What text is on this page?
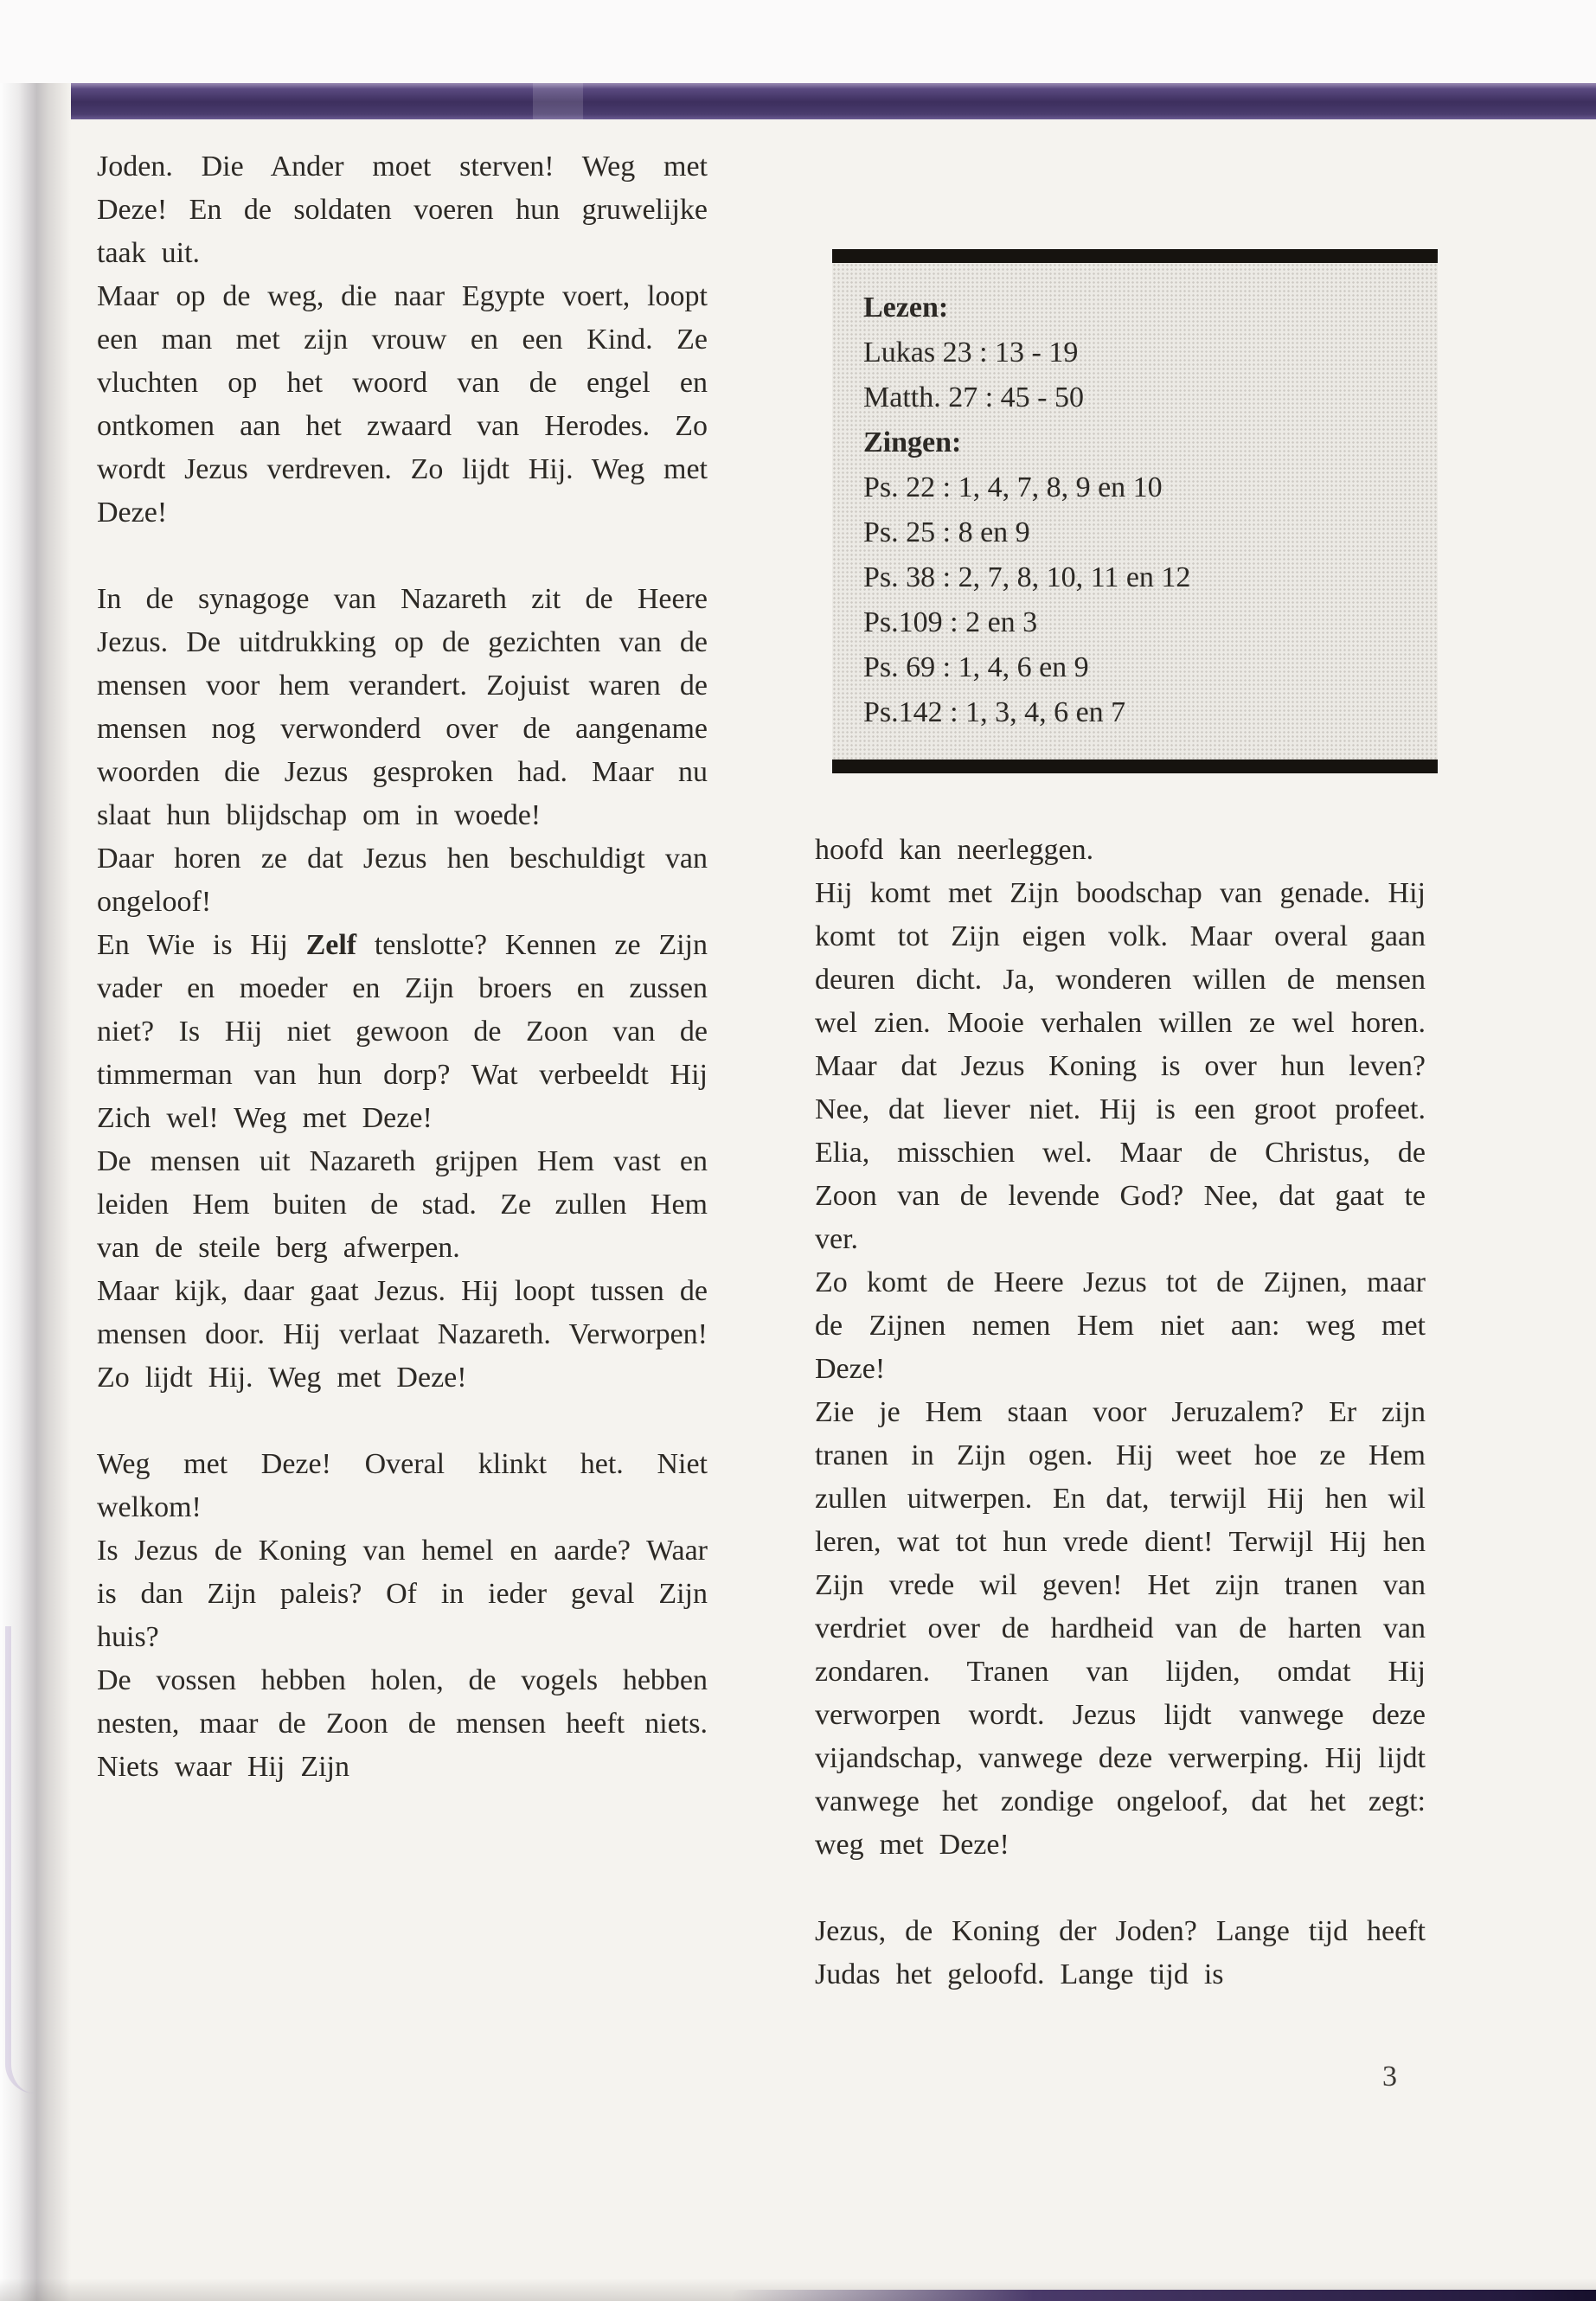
Joden. Die Ander moet sterven! Weg met Deze! En de soldaten voeren hun gruwelijke taak uit.
Maar op de weg, die naar Egypte voert, loopt een man met zijn vrouw en een Kind. Ze vluchten op het woord van de engel en ontkomen aan het zwaard van Herodes. Zo wordt Jezus verdreven. Zo lijdt Hij. Weg met Deze!
In de synagoge van Nazareth zit de Heere Jezus. De uitdrukking op de gezichten van de mensen voor hem verandert. Zojuist waren de mensen nog verwonderd over de aangename woorden die Jezus gesproken had. Maar nu slaat hun blijdschap om in woede!
Daar horen ze dat Jezus hen beschuldigt van ongeloof!
En Wie is Hij Zelf tenslotte? Kennen ze Zijn vader en moeder en Zijn broers en zussen niet? Is Hij niet gewoon de Zoon van de timmerman van hun dorp? Wat verbeeldt Hij Zich wel! Weg met Deze!
De mensen uit Nazareth grijpen Hem vast en leiden Hem buiten de stad. Ze zullen Hem van de steile berg afwerpen.
Maar kijk, daar gaat Jezus. Hij loopt tussen de mensen door. Hij verlaat Nazareth. Verworpen! Zo lijdt Hij. Weg met Deze!
Weg met Deze! Overal klinkt het. Niet welkom!
Is Jezus de Koning van hemel en aarde? Waar is dan Zijn paleis? Of in ieder geval Zijn huis?
De vossen hebben holen, de vogels hebben nesten, maar de Zoon de mensen heeft niets. Niets waar Hij Zijn
Lezen:
Lukas 23 : 13 - 19
Matth. 27 : 45 - 50
Zingen:
Ps. 22 : 1, 4, 7, 8, 9 en 10
Ps. 25 : 8 en 9
Ps. 38 : 2, 7, 8, 10, 11 en 12
Ps.109 : 2 en 3
Ps. 69 : 1, 4, 6 en 9
Ps.142 : 1, 3, 4, 6 en 7
hoofd kan neerleggen.
Hij komt met Zijn boodschap van genade. Hij komt tot Zijn eigen volk. Maar overal gaan deuren dicht. Ja, wonderen willen de mensen wel zien. Mooie verhalen willen ze wel horen. Maar dat Jezus Koning is over hun leven? Nee, dat liever niet. Hij is een groot profeet. Elia, misschien wel. Maar de Christus, de Zoon van de levende God? Nee, dat gaat te ver.
Zo komt de Heere Jezus tot de Zijnen, maar de Zijnen nemen Hem niet aan: weg met Deze!
Zie je Hem staan voor Jeruzalem? Er zijn tranen in Zijn ogen. Hij weet hoe ze Hem zullen uitwerpen. En dat, terwijl Hij hen wil leren, wat tot hun vrede dient! Terwijl Hij hen Zijn vrede wil geven! Het zijn tranen van verdriet over de hardheid van de harten van zondaren. Tranen van lijden, omdat Hij verworpen wordt. Jezus lijdt vanwege deze vijandschap, vanwege deze verwerping. Hij lijdt vanwege het zondige ongeloof, dat het zegt: weg met Deze!
Jezus, de Koning der Joden? Lange tijd heeft Judas het geloofd. Lange tijd is
3
